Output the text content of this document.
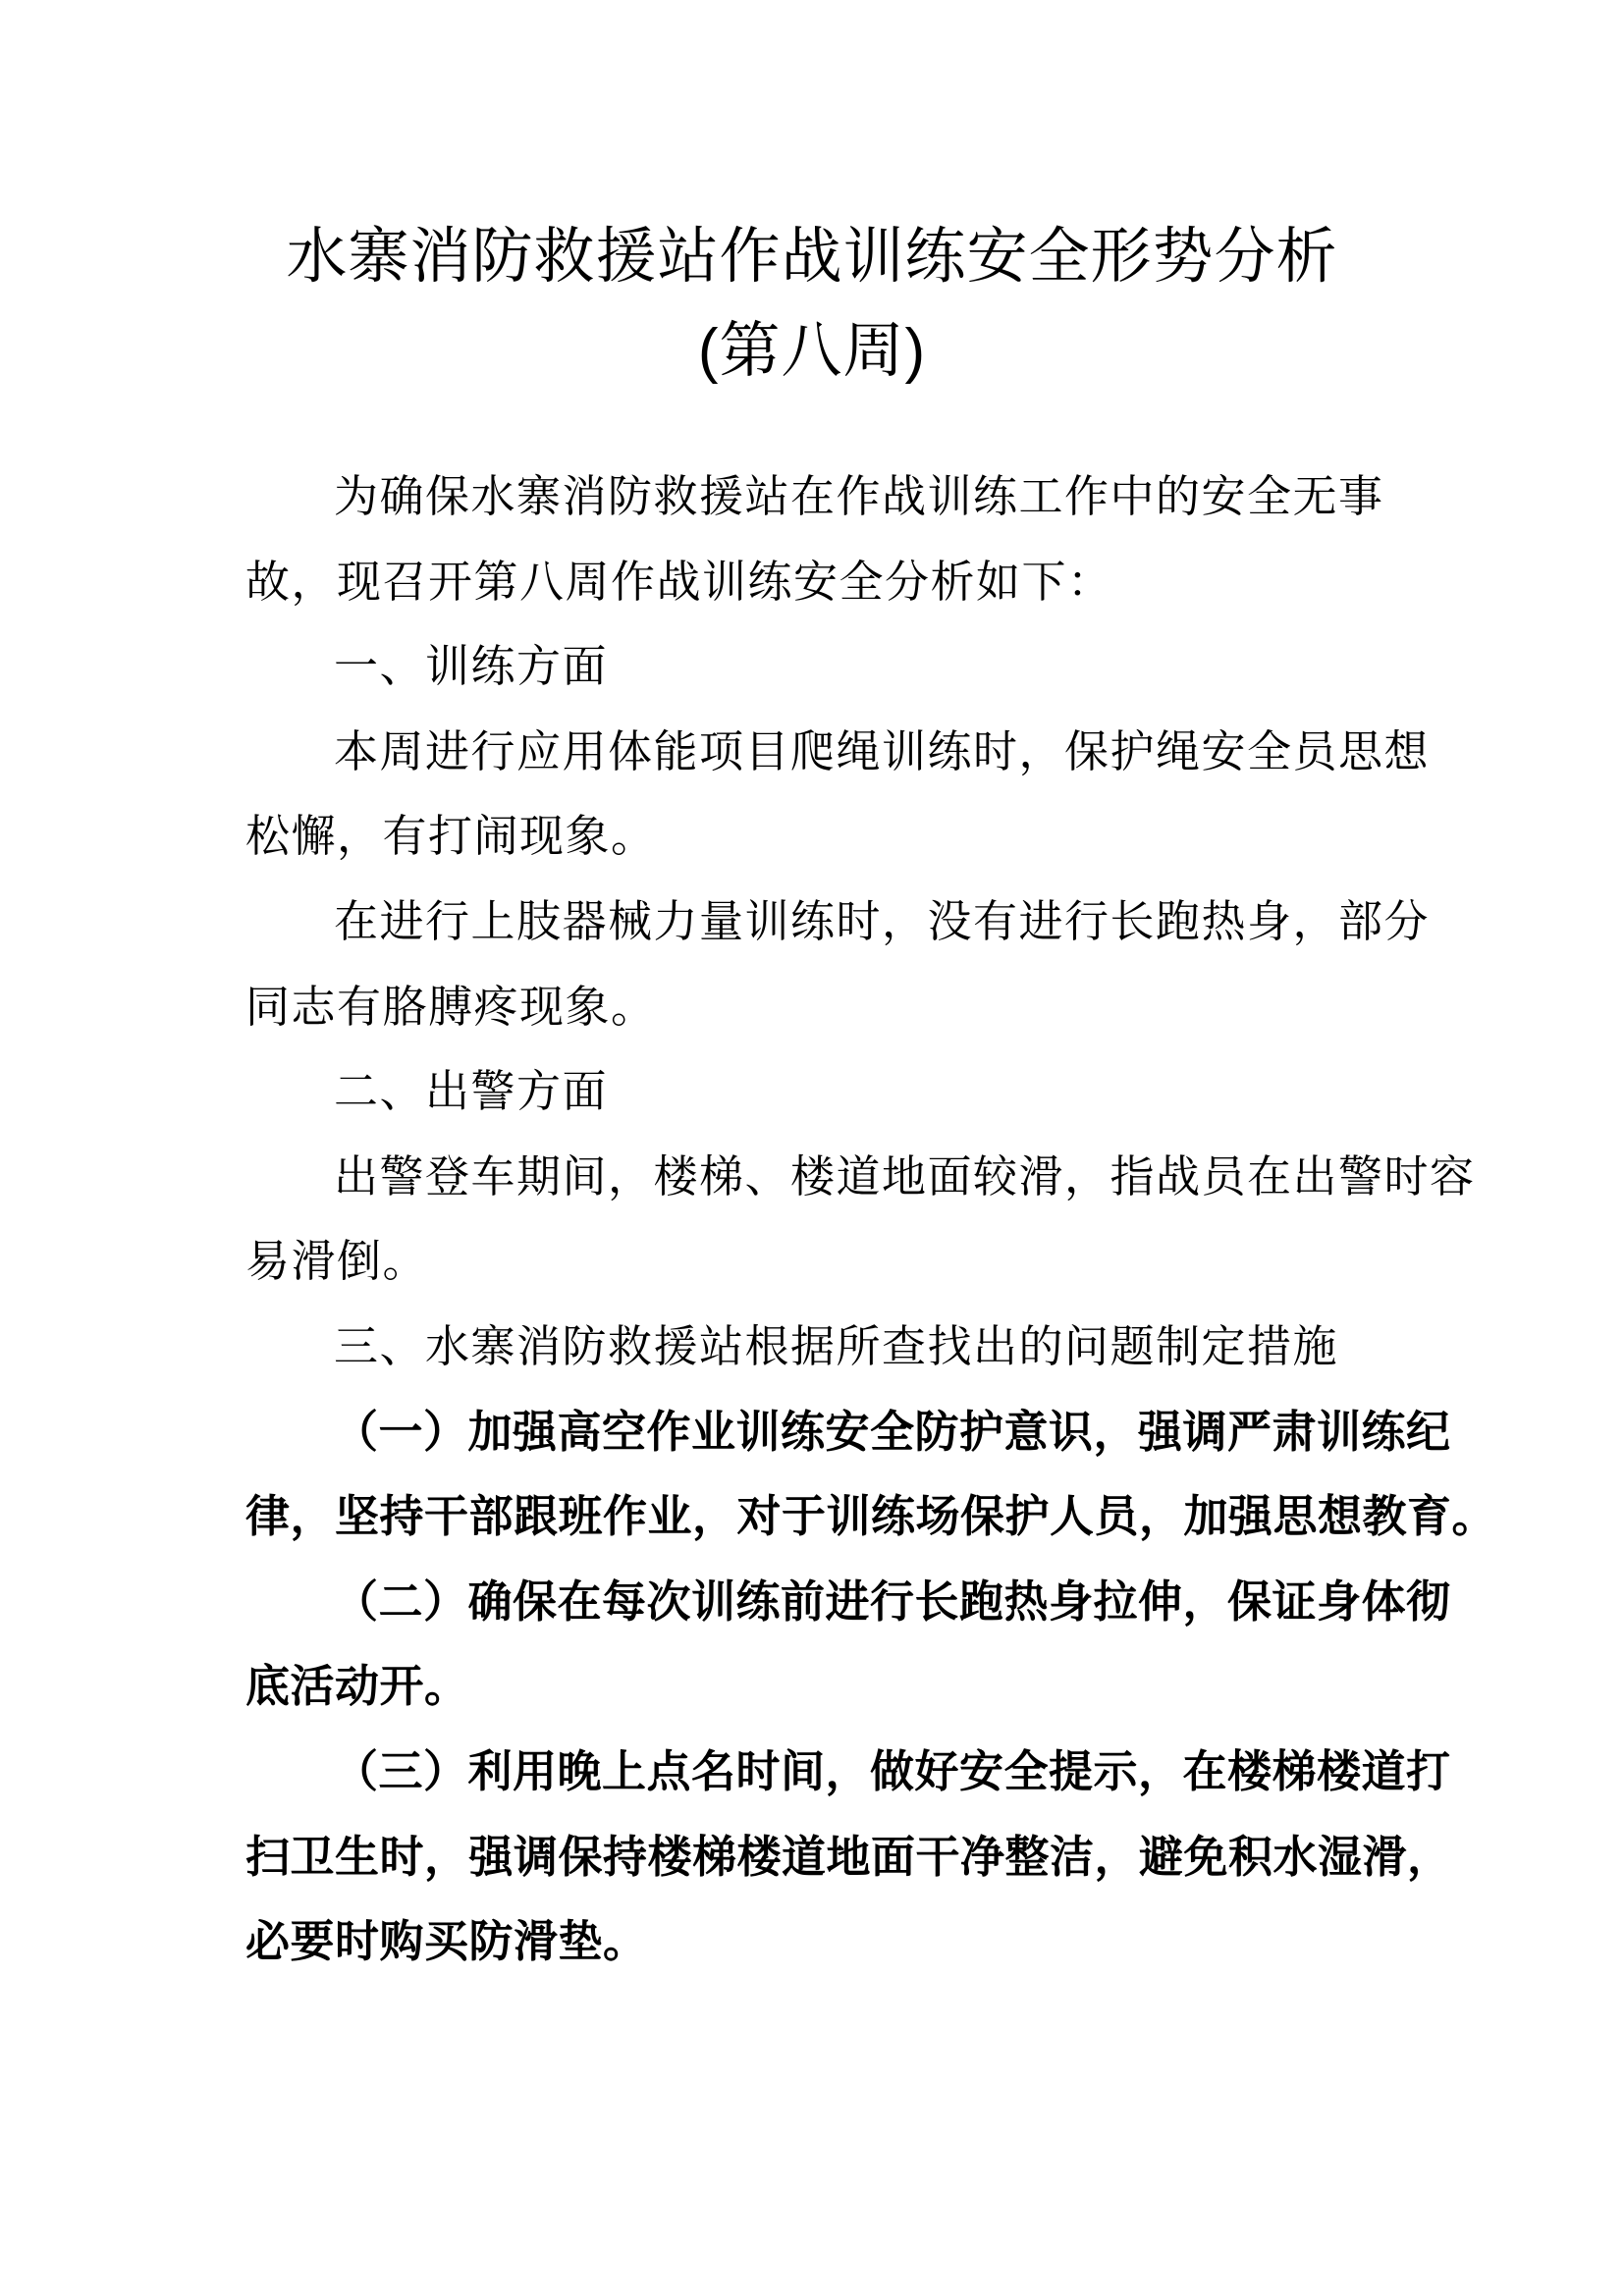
水寨消防救援站作战训练安全形势分析
(第八周)
为确保水寨消防救援站在作战训练工作中的安全无事
故，现召开第八周作战训练安全分析如下：
一、训练方面
本周进行应用体能项目爬绳训练时，保护绳安全员思想
松懈，有打闹现象。
在进行上肢器械力量训练时，没有进行长跑热身，部分
同志有胳膊疼现象。
二、出警方面
出警登车期间，楼梯、楼道地面较滑，指战员在出警时容
易滑倒。
三、水寨消防救援站根据所查找出的问题制定措施
（一）加强高空作业训练安全防护意识，强调严肃训练纪
律，坚持干部跟班作业，对于训练场保护人员，加强思想教育。
（二）确保在每次训练前进行长跑热身拉伸，保证身体彻
底活动开。
（三）利用晚上点名时间，做好安全提示，在楼梯楼道打
扫卫生时，强调保持楼梯楼道地面干净整洁，避免积水湿滑，
必要时购买防滑垫。
